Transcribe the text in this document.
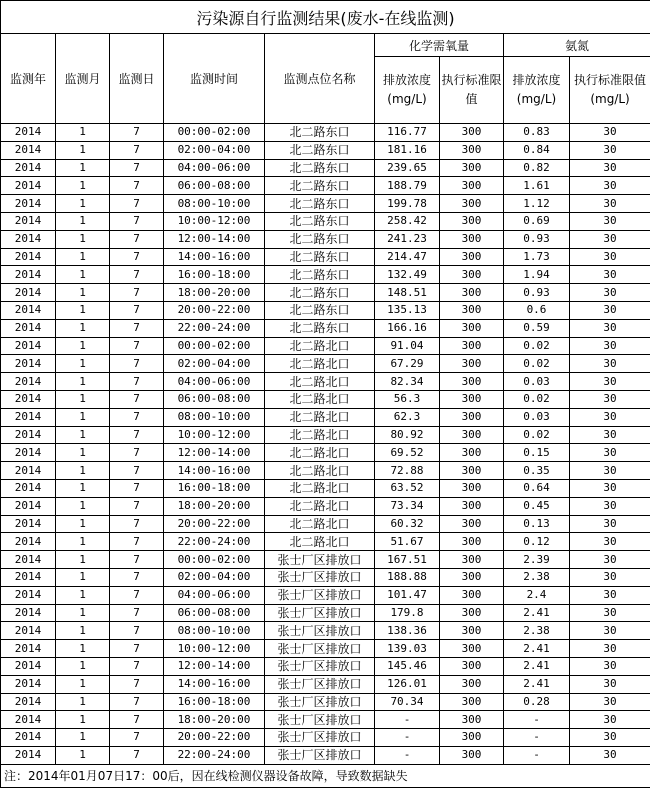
污染源自行监测结果(废水-在线监测)								
监测年	监测月	监测日	监测时间	监测点位名称	化学需氧量		氨氮	
					排放浓度(mg/L)	执行标准限值	排放浓度(mg/L)	执行标准限值(mg/L)
2014	1	7	00:00-02:00	北二路东口	116.77	300	0.83	30
2014	1	7	02:00-04:00	北二路东口	181.16	300	0.84	30
2014	1	7	04:00-06:00	北二路东口	239.65	300	0.82	30
2014	1	7	06:00-08:00	北二路东口	188.79	300	1.61	30
2014	1	7	08:00-10:00	北二路东口	199.78	300	1.12	30
2014	1	7	10:00-12:00	北二路东口	258.42	300	0.69	30
2014	1	7	12:00-14:00	北二路东口	241.23	300	0.93	30
2014	1	7	14:00-16:00	北二路东口	214.47	300	1.73	30
2014	1	7	16:00-18:00	北二路东口	132.49	300	1.94	30
2014	1	7	18:00-20:00	北二路东口	148.51	300	0.93	30
2014	1	7	20:00-22:00	北二路东口	135.13	300	0.6	30
2014	1	7	22:00-24:00	北二路东口	166.16	300	0.59	30
2014	1	7	00:00-02:00	北二路北口	91.04	300	0.02	30
2014	1	7	02:00-04:00	北二路北口	67.29	300	0.02	30
2014	1	7	04:00-06:00	北二路北口	82.34	300	0.03	30
2014	1	7	06:00-08:00	北二路北口	56.3	300	0.02	30
2014	1	7	08:00-10:00	北二路北口	62.3	300	0.03	30
2014	1	7	10:00-12:00	北二路北口	80.92	300	0.02	30
2014	1	7	12:00-14:00	北二路北口	69.52	300	0.15	30
2014	1	7	14:00-16:00	北二路北口	72.88	300	0.35	30
2014	1	7	16:00-18:00	北二路北口	63.52	300	0.64	30
2014	1	7	18:00-20:00	北二路北口	73.34	300	0.45	30
2014	1	7	20:00-22:00	北二路北口	60.32	300	0.13	30
2014	1	7	22:00-24:00	北二路北口	51.67	300	0.12	30
2014	1	7	00:00-02:00	张士厂区排放口	167.51	300	2.39	30
2014	1	7	02:00-04:00	张士厂区排放口	188.88	300	2.38	30
2014	1	7	04:00-06:00	张士厂区排放口	101.47	300	2.4	30
2014	1	7	06:00-08:00	张士厂区排放口	179.8	300	2.41	30
2014	1	7	08:00-10:00	张士厂区排放口	138.36	300	2.38	30
2014	1	7	10:00-12:00	张士厂区排放口	139.03	300	2.41	30
2014	1	7	12:00-14:00	张士厂区排放口	145.46	300	2.41	30
2014	1	7	14:00-16:00	张士厂区排放口	126.01	300	2.41	30
2014	1	7	16:00-18:00	张士厂区排放口	70.34	300	0.28	30
2014	1	7	18:00-20:00	张士厂区排放口	-	300	-	30
2014	1	7	20:00-22:00	张士厂区排放口	-	300	-	30
2014	1	7	22:00-24:00	张士厂区排放口	-	300	-	30
注：2014年01月07日17：00后，因在线检测仪器设备故障，导致数据缺失								
